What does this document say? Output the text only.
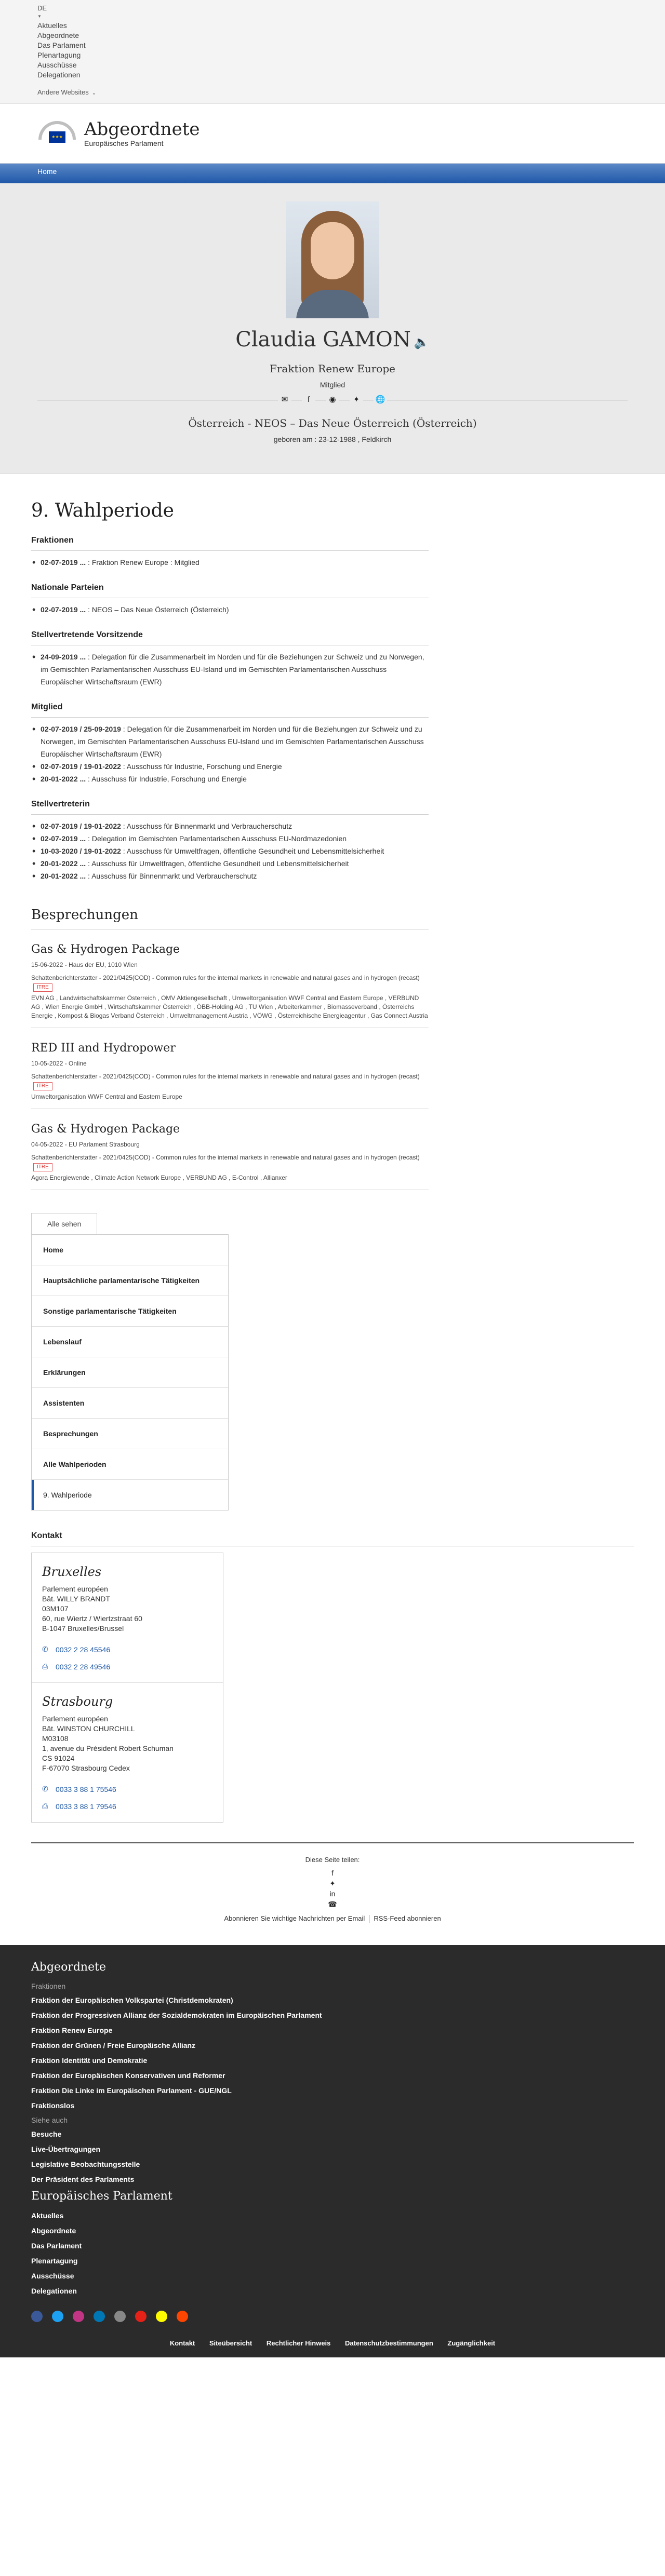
DE
▼
Aktuelles
Abgeordnete
Das Parlament
Plenartagung
Ausschüsse
Delegationen
Andere Websites ⌄
★★★ Abgeordnete
Europäisches Parlament
Home
Claudia GAMON 🔈
Fraktion Renew Europe
Mitglied
✉	f ◉ ✦ 🌐
Österreich - NEOS – Das Neue Österreich (Österreich)
geboren am : 23-12-1988 , Feldkirch
9. Wahlperiode
Fraktionen
• 02-07-2019 ... : Fraktion Renew Europe : Mitglied
Nationale Parteien
• 02-07-2019 ... : NEOS – Das Neue Österreich (Österreich)
Stellvertretende Vorsitzende
• 24-09-2019 ... : Delegation für die Zusammenarbeit im Norden und für die Beziehungen zur Schweiz und zu Norwegen, im Gemischten Parlamentarischen Ausschuss EU-Island und im Gemischten Parlamentarischen Ausschuss Europäischer Wirtschaftsraum (EWR)
Mitglied
• 02-07-2019 / 25-09-2019 : Delegation für die Zusammenarbeit im Norden und für die Beziehungen zur Schweiz und zu Norwegen, im Gemischten Parlamentarischen Ausschuss EU-Island und im Gemischten Parlamentarischen Ausschuss Europäischer Wirtschaftsraum (EWR)
• 02-07-2019 / 19-01-2022 : Ausschuss für Industrie, Forschung und Energie
• 20-01-2022 ... : Ausschuss für Industrie, Forschung und Energie
Stellvertreterin
• 02-07-2019 / 19-01-2022 : Ausschuss für Binnenmarkt und Verbraucherschutz
• 02-07-2019 ... : Delegation im Gemischten Parlamentarischen Ausschuss EU-Nordmazedonien
• 10-03-2020 / 19-01-2022 : Ausschuss für Umweltfragen, öffentliche Gesundheit und Lebensmittelsicherheit
• 20-01-2022 ... : Ausschuss für Umweltfragen, öffentliche Gesundheit und Lebensmittelsicherheit
• 20-01-2022 ... : Ausschuss für Binnenmarkt und Verbraucherschutz
Besprechungen
Gas & Hydrogen Package
15-06-2022 - Haus der EU, 1010 Wien
Schattenberichterstatter - 2021/0425(COD) - Common rules for the internal markets in renewable and natural gases and in hydrogen (recast)ITRE
EVN AG , Landwirtschaftskammer Österreich , OMV Aktiengesellschaft , Umweltorganisation WWF Central and Eastern Europe , VERBUND AG , Wien Energie GmbH , Wirtschaftskammer Österreich , ÖBB-Holding AG , TU Wien , Arbeiterkammer , Biomasseverband , Österreichs Energie , Kompost & Biogas Verband Österreich , Umweltmanagement Austria , VÖWG , Österreichische Energieagentur , Gas Connect Austria
RED III and Hydropower
10-05-2022 - Online
Schattenberichterstatter - 2021/0425(COD) - Common rules for the internal markets in renewable and natural gases and in hydrogen (recast)ITRE
Umweltorganisation WWF Central and Eastern Europe
Gas & Hydrogen Package
04-05-2022 - EU Parlament Strasbourg
Schattenberichterstatter - 2021/0425(COD) - Common rules for the internal markets in renewable and natural gases and in hydrogen (recast)ITRE
Agora Energiewende , Climate Action Network Europe , VERBUND AG , E-Control , Allianxer
Alle sehen
Home
Hauptsächliche parlamentarische Tätigkeiten
Sonstige parlamentarische Tätigkeiten
Lebenslauf
Erklärungen
Assistenten
Besprechungen
Alle Wahlperioden
9. Wahlperiode
Kontakt
Bruxelles
Parlement européen
Bât. WILLY BRANDT
03M107
60, rue Wiertz / Wiertzstraat 60
B-1047 Bruxelles/Brussel
✆	0032 2 28 45546
⎙	0032 2 28 49546
Strasbourg
Parlement européen
Bât. WINSTON CHURCHILL
M03108
1, avenue du Président Robert Schuman
CS 91024
F-67070 Strasbourg Cedex
✆	0033 3 88 1 75546
⎙	0033 3 88 1 79546
Diese Seite teilen:
f
✦
in
☎
Abonnieren Sie wichtige Nachrichten per Email RSS-Feed abonnieren
Abgeordnete
Fraktionen
Fraktion der Europäischen Volkspartei (Christdemokraten)
Fraktion der Progressiven Allianz der Sozialdemokraten im Europäischen Parlament
Fraktion Renew Europe
Fraktion der Grünen / Freie Europäische Allianz
Fraktion Identität und Demokratie
Fraktion der Europäischen Konservativen und Reformer
Fraktion Die Linke im Europäischen Parlament - GUE/NGL
Fraktionslos
Siehe auch
Besuche
Live-Übertragungen
Legislative Beobachtungsstelle
Der Präsident des Parlaments
Europäisches Parlament
Aktuelles
Abgeordnete
Das Parlament
Plenartagung
Ausschüsse
Delegationen
Kontakt Siteübersicht Rechtlicher Hinweis Datenschutzbestimmungen Zugänglichkeit
